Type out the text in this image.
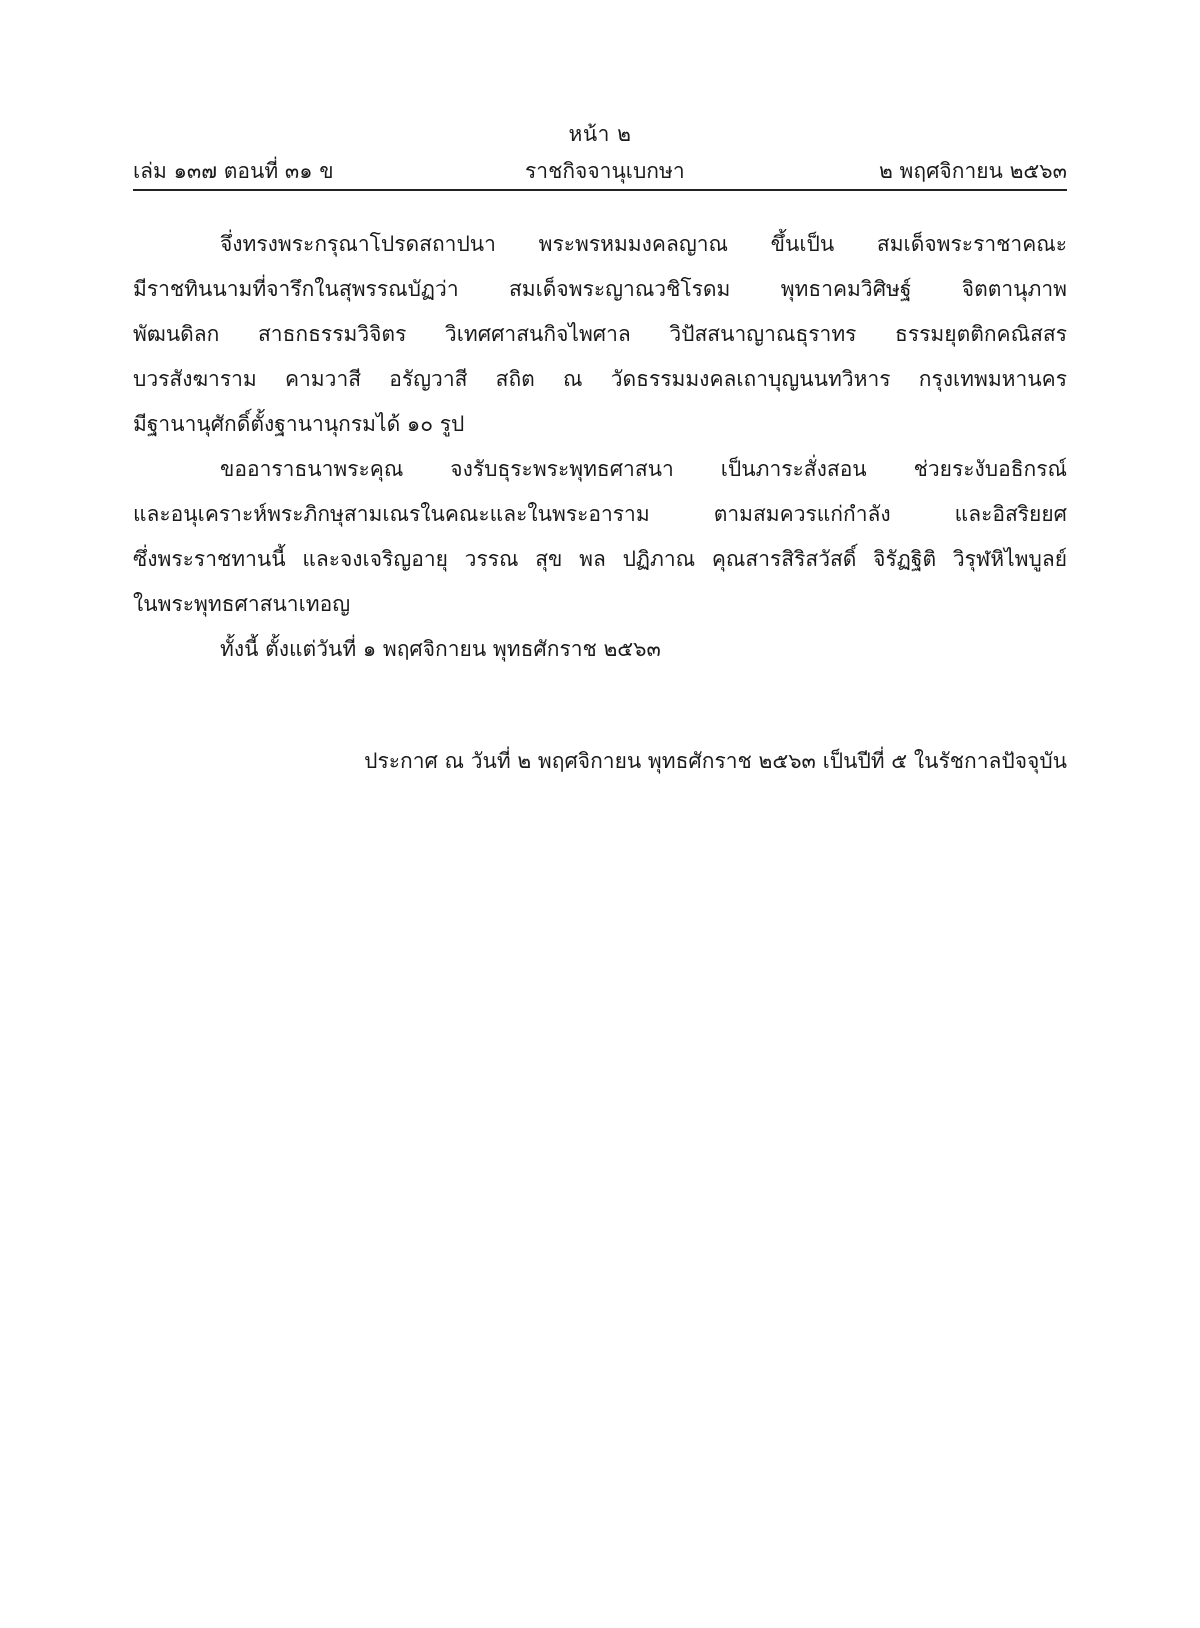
หน้า ๒
เล่ม ๑๓๗ ตอนที่ ๓๑ ข	ราชกิจจานุเบกษา	๒ พฤศจิกายน ๒๕๖๓
จึ่งทรงพระกรุณาโปรดสถาปนา พระพรหมมงคลญาณ ขึ้นเป็น สมเด็จพระราชาคณะ
มีราชทินนามที่จารึกในสุพรรณบัฏว่า สมเด็จพระญาณวชิโรดม พุทธาคมวิศิษฐ์ จิตตานุภาพ
พัฒนดิลก สาธกธรรมวิจิตร วิเทศศาสนกิจไพศาล วิปัสสนาญาณธุราทร ธรรมยุตติกคณิสสร
บวรสังฆาราม คามวาสี อรัญวาสี สถิต ณ วัดธรรมมงคลเถาบุญนนทวิหาร กรุงเทพมหานคร
มีฐานานุศักดิ์ตั้งฐานานุกรมได้ ๑๐ รูป
ขออาราธนาพระคุณ จงรับธุระพระพุทธศาสนา เป็นภาระสั่งสอน ช่วยระงับอธิกรณ์
และอนุเคราะห์พระภิกษุสามเณรในคณะและในพระอาราม ตามสมควรแก่กำลัง และอิสริยยศ
ซึ่งพระราชทานนี้ และจงเจริญอายุ วรรณ สุข พล ปฏิภาณ คุณสารสิริสวัสดิ์ จิรัฏฐิติ วิรุฬหิไพบูลย์
ในพระพุทธศาสนาเทอญ
ทั้งนี้ ตั้งแต่วันที่ ๑ พฤศจิกายน พุทธศักราช ๒๕๖๓
ประกาศ ณ วันที่ ๒ พฤศจิกายน พุทธศักราช ๒๕๖๓ เป็นปีที่ ๕ ในรัชกาลปัจจุบัน
